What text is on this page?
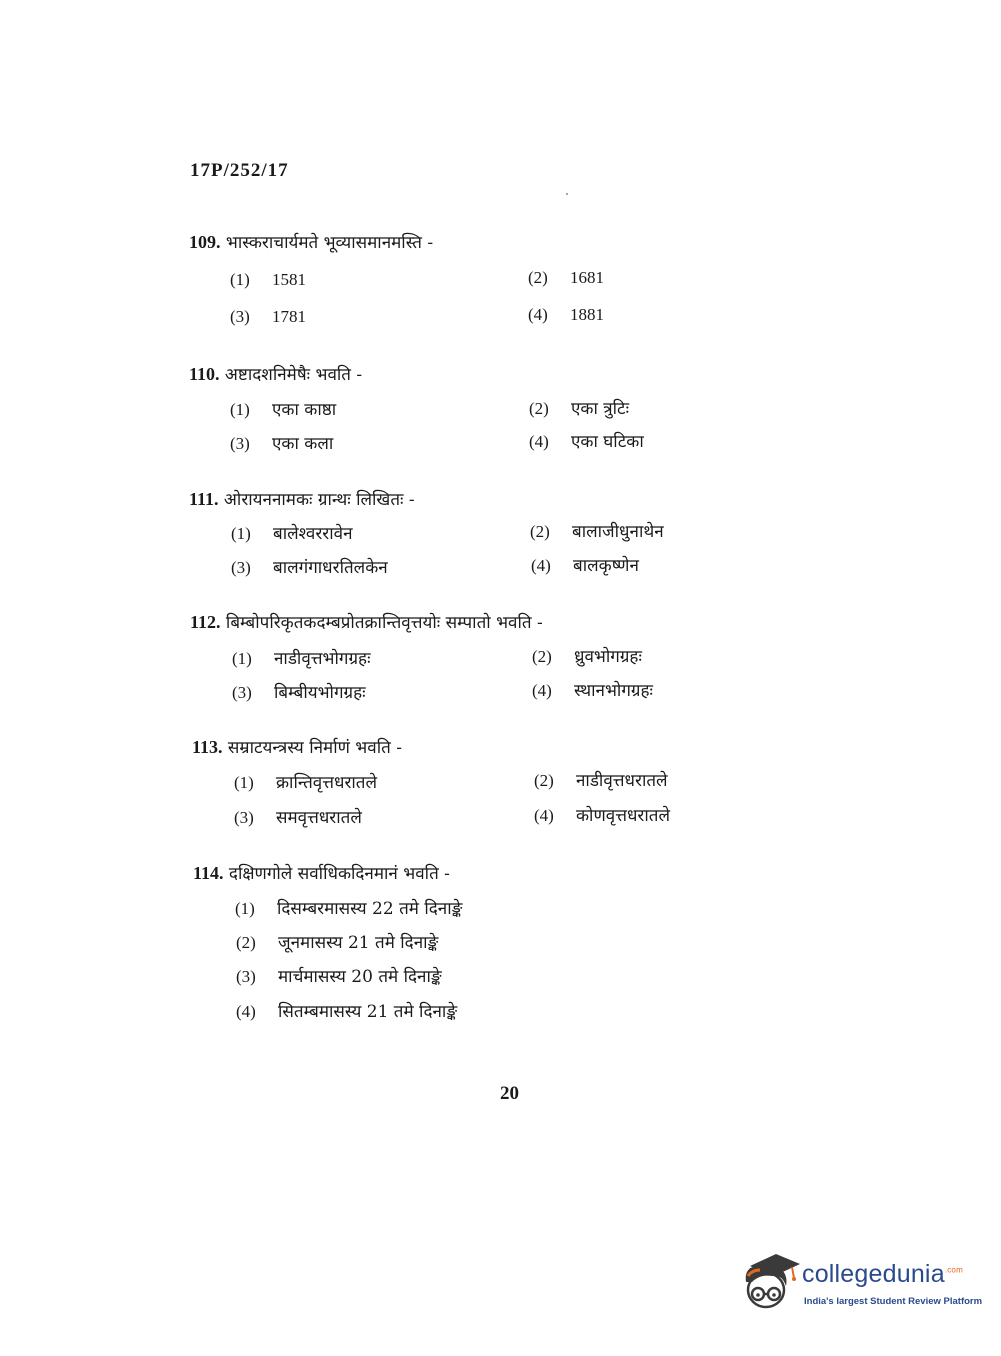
17P/252/17
109. भास्कराचार्यमते भूव्यासमानमस्ति -
(1) 1581	(2) 1681
(3) 1781	(4) 1881
110. अष्टादशनिमेषैः भवति -
(1) एका काष्ठा	(2) एका त्रुटिः
(3) एका कला	(4) एका घटिका
111. ओरायननामकः ग्रान्थः लिखितः -
(1) बालेश्वररावेन	(2) बालाजीधुनाथेन
(3) बालगंगाधरतिलकेन	(4) बालकृष्णेन
112. बिम्बोपरिकृतकदम्बप्रोतक्रान्तिवृत्तयोः सम्पातो भवति -
(1) नाडीवृत्तभोगग्रहः	(2) ध्रुवभोगग्रहः
(3) बिम्बीयभोगग्रहः	(4) स्थानभोगग्रहः
113. सम्राटयन्त्रस्य निर्माणं भवति -
(1) क्रान्तिवृत्तधरातले	(2) नाडीवृत्तधरातले
(3) समवृत्तधरातले	(4) कोणवृत्तधरातले
114. दक्षिणगोले सर्वाधिकदिनमानं भवति -
(1) दिसम्बरमासस्य 22 तमे दिनाङ्के
(2) जूनमासस्य 21 तमे दिनाङ्के
(3) मार्चमासस्य 20 तमे दिनाङ्के
(4) सितम्बमासस्य 21 तमे दिनाङ्के
20
collegedunia$^{.com}$
India's largest Student Review Platform
